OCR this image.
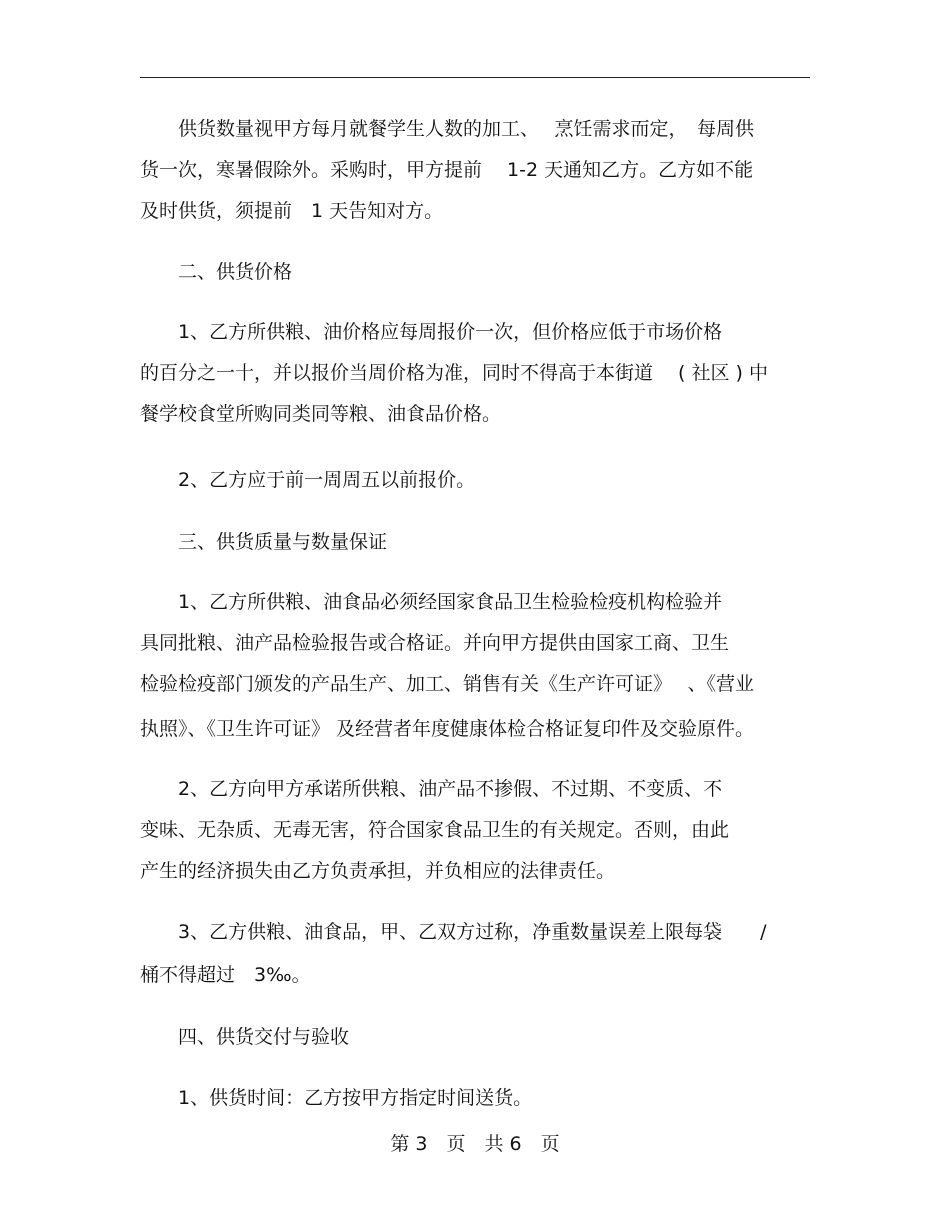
　　供货数量视甲方每月就餐学生人数的加工、　 烹饪需求而定，　每周供
货一次，寒暑假除外。采购时，甲方提前　 1-2 天通知乙方。乙方如不能
及时供货，须提前　1 天告知对方。
　　二、供货价格
　　1、乙方所供粮、油价格应每周报价一次，但价格应低于市场价格
的百分之一十，并以报价当周价格为准，同时不得高于本街道　 ( 社区 ) 中
餐学校食堂所购同类同等粮、油食品价格。
　　2、乙方应于前一周周五以前报价。
　　三、供货质量与数量保证
　　1、乙方所供粮、油食品必须经国家食品卫生检验检疫机构检验并
具同批粮、油产品检验报告或合格证。并向甲方提供由国家工商、卫生
检验检疫部门颁发的产品生产、加工、销售有关《生产许可证》　 、《营业
执照》、《卫生许可证》 及经营者年度健康体检合格证复印件及交验原件。
　　2、乙方向甲方承诺所供粮、油产品不掺假、不过期、不变质、不
变味、无杂质、无毒无害，符合国家食品卫生的有关规定。否则，由此
产生的经济损失由乙方负责承担，并负相应的法律责任。
　　3、乙方供粮、油食品，甲、乙双方过称，净重数量误差上限每袋　　/
桶不得超过　3‰。
　　四、供货交付与验收
　　1、供货时间：乙方按甲方指定时间送货。
第 3　页　共 6　页
